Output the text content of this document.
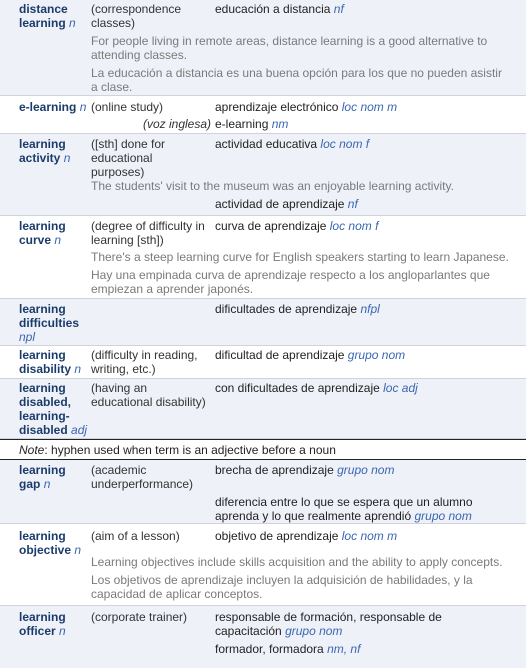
distance
learning n
(correspondence
classes)
educación a distancia nf
For people living in remote areas, distance learning is a good alternative to
attending classes.
La educación a distancia es una buena opción para los que no pueden asistir
a clase.
e-learning n (online study)	aprendizaje electrónico loc nom m
(voz inglesa) e-learning nm
learning
activity n
([sth] done for
educational
purposes)
actividad educativa loc nom f
The students' visit to the museum was an enjoyable learning activity.
actividad de aprendizaje nf
learning
curve n
(degree of difficulty in
learning [sth])
curva de aprendizaje loc nom f
There's a steep learning curve for English speakers starting to learn Japanese.
Hay una empinada curva de aprendizaje respecto a los angloparlantes que
empiezan a aprender japonés.
learning
difficulties
npl
dificultades de aprendizaje nfpl
learning
disability n
(difficulty in reading,
writing, etc.)
dificultad de aprendizaje grupo nom
learning
disabled,
learning-
disabled adj
(having an
educational disability)
con dificultades de aprendizaje loc adj
Note: hyphen used when term is an adjective before a noun
learning
gap n
(academic
underperformance)
brecha de aprendizaje grupo nom
diferencia entre lo que se espera que un alumno
aprenda y lo que realmente aprendió grupo nom
learning
objective n
(aim of a lesson)	objetivo de aprendizaje loc nom m
Learning objectives include skills acquisition and the ability to apply concepts.
Los objetivos de aprendizaje incluyen la adquisición de habilidades, y la
capacidad de aplicar conceptos.
learning
officer n
(corporate trainer) responsable de formación, responsable de
capacitación grupo nom
formador, formadora nm, nf
